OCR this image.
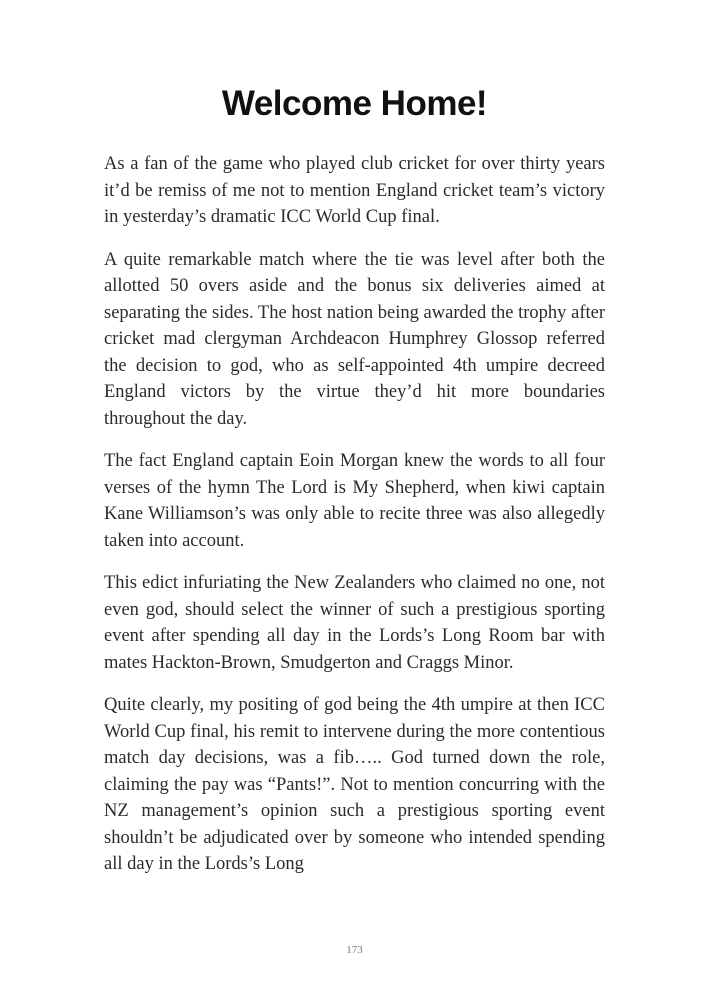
Welcome Home!

As a fan of the game who played club cricket for over thirty years it’d be remiss of me not to mention England cricket team’s victory in yesterday’s dramatic ICC World Cup final.

A quite remarkable match where the tie was level after both the allotted 50 overs aside and the bonus six deliveries aimed at separating the sides. The host nation being awarded the trophy after cricket mad clergyman Archdeacon Humphrey Glossop referred the decision to god, who as self-appointed 4th umpire decreed England victors by the virtue they’d hit more boundaries throughout the day.

The fact England captain Eoin Morgan knew the words to all four verses of the hymn The Lord is My Shepherd, when kiwi captain Kane Williamson’s was only able to recite three was also allegedly taken into account.

This edict infuriating the New Zealanders who claimed no one, not even god, should select the winner of such a prestigious sporting event after spending all day in the Lords’s Long Room bar with mates Hackton-Brown, Smudgerton and Craggs Minor.

Quite clearly, my positing of god being the 4th umpire at then ICC World Cup final, his remit to intervene during the more contentious match day decisions, was a fib….. God turned down the role, claiming the pay was “Pants!”. Not to mention concurring with the NZ management’s opinion such a prestigious sporting event shouldn’t be adjudicated over by someone who intended spending all day in the Lords’s Long

173
